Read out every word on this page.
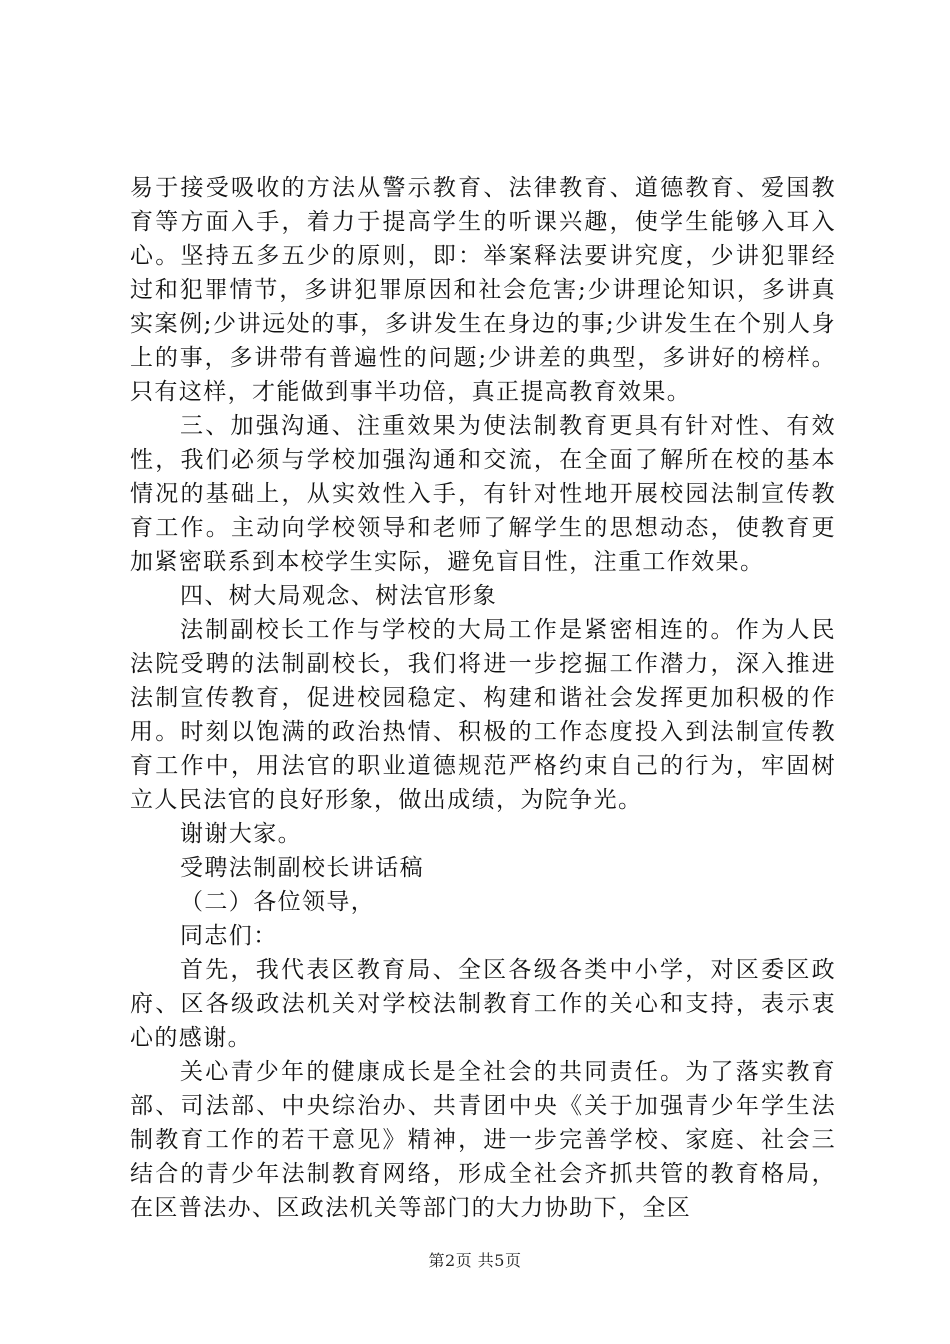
易于接受吸收的方法从警示教育、法律教育、道德教育、爱国教育等方面入手，着力于提高学生的听课兴趣，使学生能够入耳入心。坚持五多五少的原则，即：举案释法要讲究度，少讲犯罪经过和犯罪情节，多讲犯罪原因和社会危害;少讲理论知识，多讲真实案例;少讲远处的事，多讲发生在身边的事;少讲发生在个别人身上的事，多讲带有普遍性的问题;少讲差的典型，多讲好的榜样。只有这样，才能做到事半功倍，真正提高教育效果。

三、加强沟通、注重效果为使法制教育更具有针对性、有效性，我们必须与学校加强沟通和交流，在全面了解所在校的基本情况的基础上，从实效性入手，有针对性地开展校园法制宣传教育工作。主动向学校领导和老师了解学生的思想动态，使教育更加紧密联系到本校学生实际，避免盲目性，注重工作效果。

四、树大局观念、树法官形象

法制副校长工作与学校的大局工作是紧密相连的。作为人民法院受聘的法制副校长，我们将进一步挖掘工作潜力，深入推进法制宣传教育，促进校园稳定、构建和谐社会发挥更加积极的作用。时刻以饱满的政治热情、积极的工作态度投入到法制宣传教育工作中，用法官的职业道德规范严格约束自己的行为，牢固树立人民法官的良好形象，做出成绩，为院争光。

谢谢大家。

受聘法制副校长讲话稿

（二）各位领导，

同志们：

首先，我代表区教育局、全区各级各类中小学，对区委区政府、区各级政法机关对学校法制教育工作的关心和支持，表示衷心的感谢。

关心青少年的健康成长是全社会的共同责任。为了落实教育部、司法部、中央综治办、共青团中央《关于加强青少年学生法制教育工作的若干意见》精神，进一步完善学校、家庭、社会三结合的青少年法制教育网络，形成全社会齐抓共管的教育格局，在区普法办、区政法机关等部门的大力协助下，全区

第2页 共5页
